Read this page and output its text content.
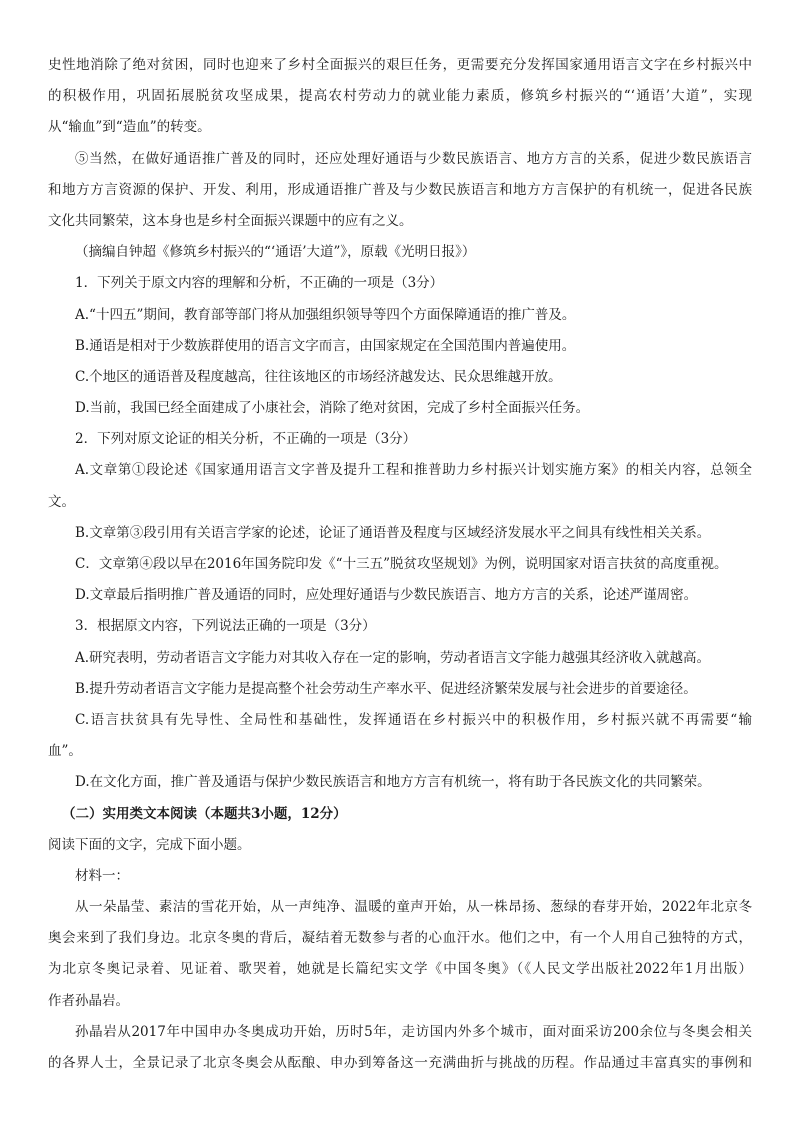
史性地消除了绝对贫困，同时也迎来了乡村全面振兴的艰巨任务，更需要充分发挥国家通用语言文字在乡村振兴中
的积极作用，巩固拓展脱贫攻坚成果，提高农村劳动力的就业能力素质，修筑乡村振兴的“‘通语’大道”，实现
从“输血”到“造血”的转变。
⑤当然，在做好通语推广普及的同时，还应处理好通语与少数民族语言、地方方言的关系，促进少数民族语言
和地方方言资源的保护、开发、利用，形成通语推广普及与少数民族语言和地方方言保护的有机统一，促进各民族
文化共同繁荣，这本身也是乡村全面振兴课题中的应有之义。
（摘编自钟超《修筑乡村振兴的“‘通语’大道”》，原载《光明日报》）
1．下列关于原文内容的理解和分析，不正确的一项是（3分）
A.“十四五”期间，教育部等部门将从加强组织领导等四个方面保障通语的推广普及。
B.通语是相对于少数族群使用的语言文字而言，由国家规定在全国范围内普遍使用。
C.个地区的通语普及程度越高，往往该地区的市场经济越发达、民众思维越开放。
D.当前，我国已经全面建成了小康社会，消除了绝对贫困，完成了乡村全面振兴任务。
2．下列对原文论证的相关分析，不正确的一项是（3分）
A.文章第①段论述《国家通用语言文字普及提升工程和推普助力乡村振兴计划实施方案》的相关内容，总领全
文。
B.文章第③段引用有关语言学家的论述，论证了通语普及程度与区域经济发展水平之间具有线性相关关系。
C．文章第④段以早在2016年国务院印发《“十三五”脱贫攻坚规划》为例，说明国家对语言扶贫的高度重视。
D.文章最后指明推广普及通语的同时，应处理好通语与少数民族语言、地方方言的关系，论述严谨周密。
3．根据原文内容，下列说法正确的一项是（3分）
A.研究表明，劳动者语言文字能力对其收入存在一定的影响，劳动者语言文字能力越强其经济收入就越高。
B.提升劳动者语言文字能力是提高整个社会劳动生产率水平、促进经济繁荣发展与社会进步的首要途径。
C.语言扶贫具有先导性、全局性和基础性，发挥通语在乡村振兴中的积极作用，乡村振兴就不再需要“输
血”。
D.在文化方面，推广普及通语与保护少数民族语言和地方方言有机统一，将有助于各民族文化的共同繁荣。
（二）实用类文本阅读（本题共3小题，12分）
阅读下面的文字，完成下面小题。
材料一：
从一朵晶莹、素洁的雪花开始，从一声纯净、温暖的童声开始，从一株昂扬、葱绿的春芽开始，2022年北京冬
奥会来到了我们身边。北京冬奥的背后，凝结着无数参与者的心血汗水。他们之中，有一个人用自己独特的方式，
为北京冬奥记录着、见证着、歌哭着，她就是长篇纪实文学《中国冬奥》（《人民文学出版社2022年1月出版）
作者孙晶岩。
孙晶岩从2017年中国申办冬奥成功开始，历时5年，走访国内外多个城市，面对面采访200余位与冬奥会相关
的各界人士，全景记录了北京冬奥会从酝酿、申办到筹备这一充满曲折与挑战的历程。作品通过丰富真实的事例和
